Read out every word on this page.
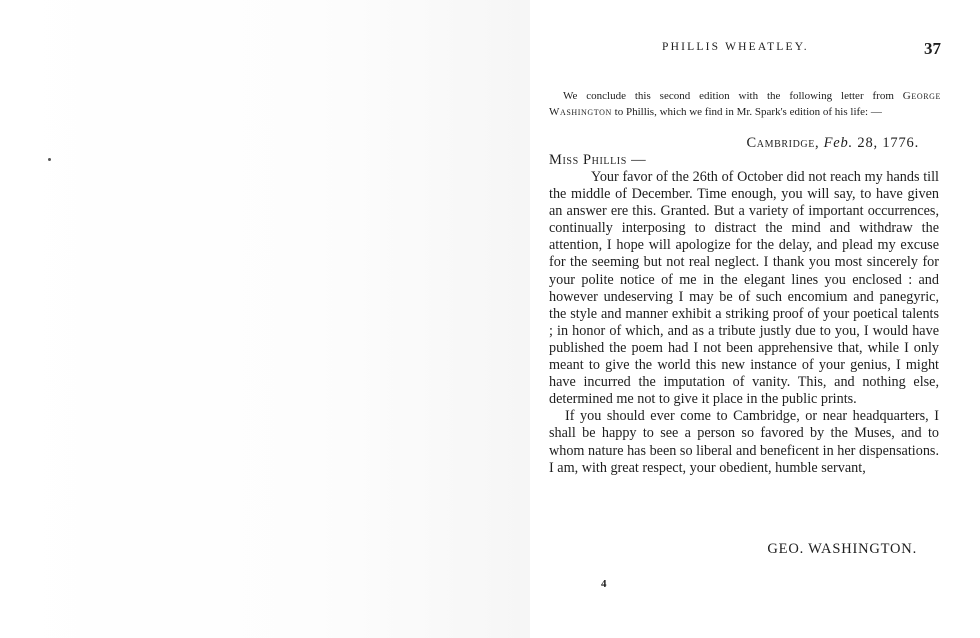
PHILLIS WHEATLEY.	37
We conclude this second edition with the following letter from George Washington to Phillis, which we find in Mr. Spark's edition of his life: —
Cambridge, Feb. 28, 1776.
Miss Phillis —

Your favor of the 26th of October did not reach my hands till the middle of December. Time enough, you will say, to have given an answer ere this. Granted. But a variety of important occurrences, continually interposing to distract the mind and withdraw the attention, I hope will apologize for the delay, and plead my excuse for the seeming but not real neglect. I thank you most sincerely for your polite notice of me in the elegant lines you enclosed : and however undeserving I may be of such encomium and panegyric, the style and manner exhibit a striking proof of your poetical talents ; in honor of which, and as a tribute justly due to you, I would have published the poem had I not been apprehensive that, while I only meant to give the world this new instance of your genius, I might have incurred the imputation of vanity. This, and nothing else, determined me not to give it place in the public prints.

If you should ever come to Cambridge, or near headquarters, I shall be happy to see a person so favored by the Muses, and to whom nature has been so liberal and beneficent in her dispensations. I am, with great respect, your obedient, humble servant,

GEO. WASHINGTON.
4
